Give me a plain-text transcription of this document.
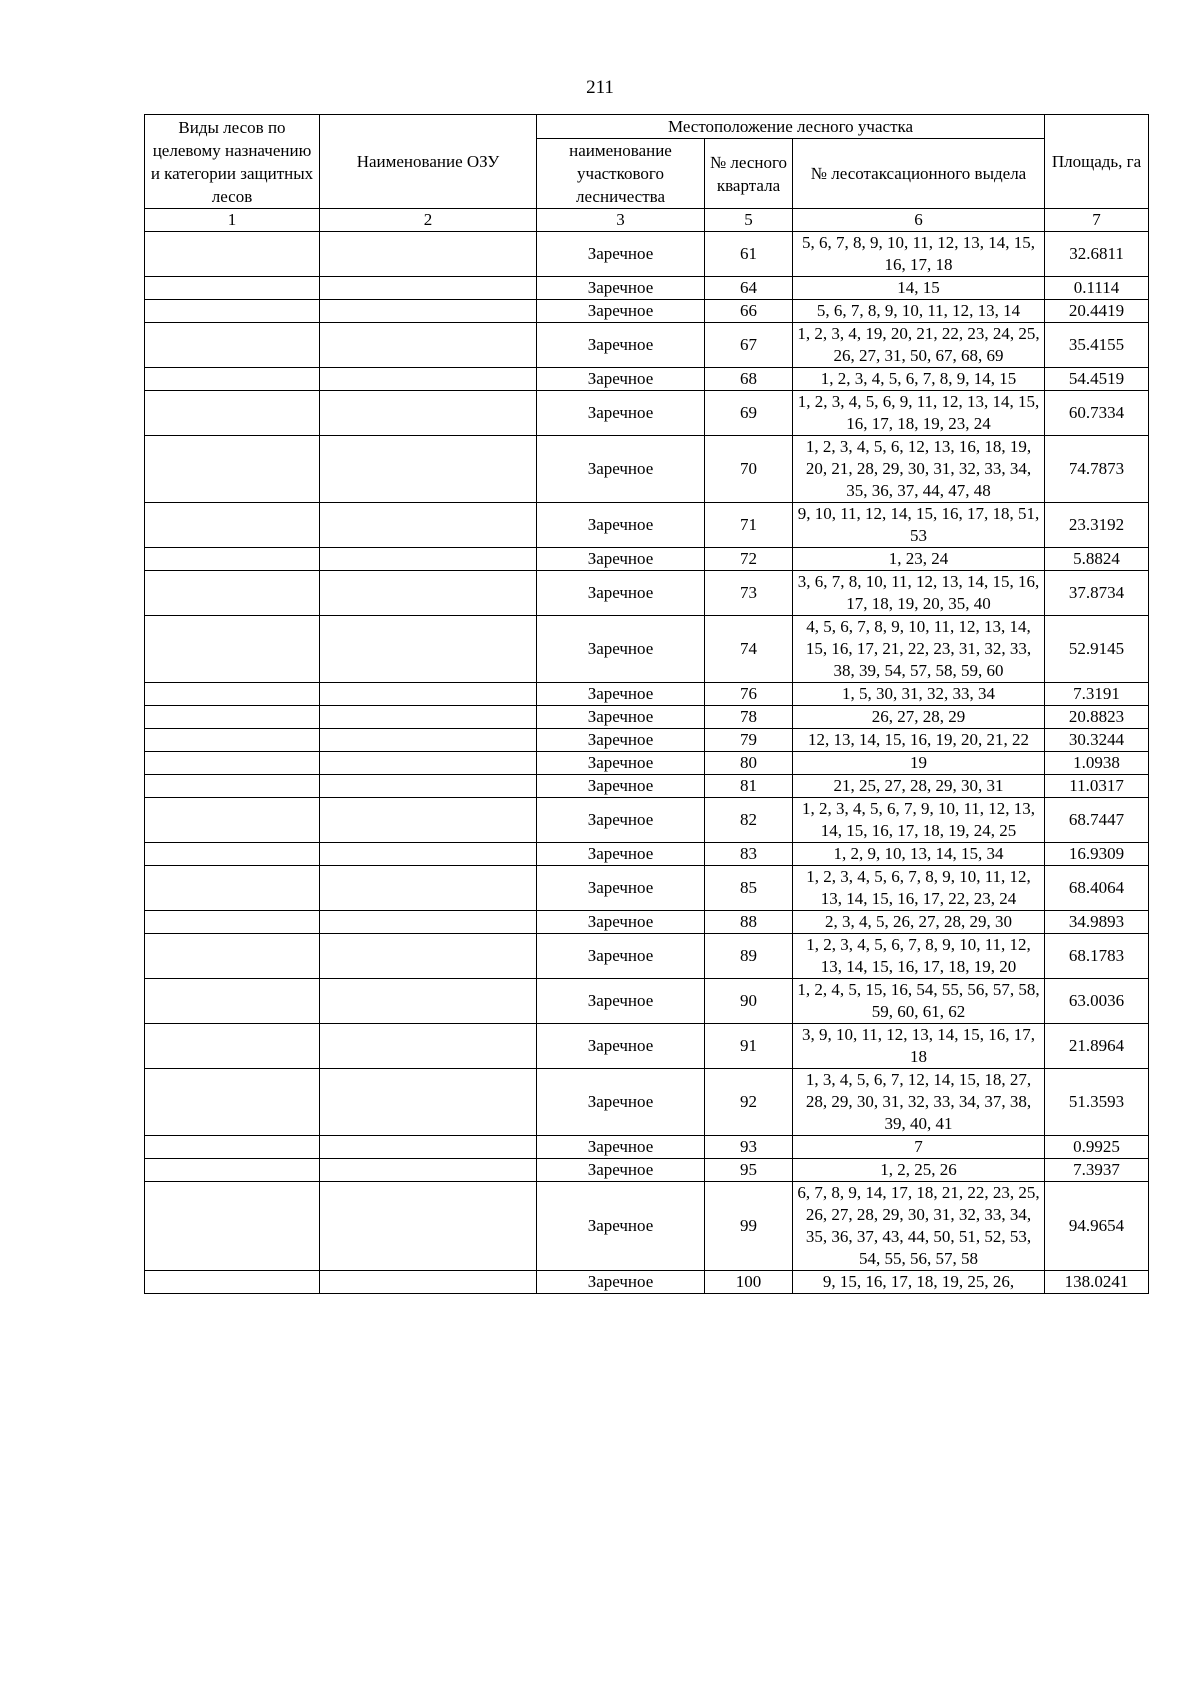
211
Виды лесов по целевому назначению и категории защитных лесов	Наименование ОЗУ	Местоположение лесного участка			Площадь, га
		наименование участкового лесничества	№ лесного квартала	№ лесотаксационного выдела	
1	2	3	5	6	7
		Заречное	61	5, 6, 7, 8, 9, 10, 11, 12, 13, 14, 15, 16, 17, 18	32.6811
		Заречное	64	14, 15	0.1114
		Заречное	66	5, 6, 7, 8, 9, 10, 11, 12, 13, 14	20.4419
		Заречное	67	1, 2, 3, 4, 19, 20, 21, 22, 23, 24, 25, 26, 27, 31, 50, 67, 68, 69	35.4155
		Заречное	68	1, 2, 3, 4, 5, 6, 7, 8, 9, 14, 15	54.4519
		Заречное	69	1, 2, 3, 4, 5, 6, 9, 11, 12, 13, 14, 15, 16, 17, 18, 19, 23, 24	60.7334
		Заречное	70	1, 2, 3, 4, 5, 6, 12, 13, 16, 18, 19, 20, 21, 28, 29, 30, 31, 32, 33, 34, 35, 36, 37, 44, 47, 48	74.7873
		Заречное	71	9, 10, 11, 12, 14, 15, 16, 17, 18, 51, 53	23.3192
		Заречное	72	1, 23, 24	5.8824
		Заречное	73	3, 6, 7, 8, 10, 11, 12, 13, 14, 15, 16, 17, 18, 19, 20, 35, 40	37.8734
		Заречное	74	4, 5, 6, 7, 8, 9, 10, 11, 12, 13, 14, 15, 16, 17, 21, 22, 23, 31, 32, 33, 38, 39, 54, 57, 58, 59, 60	52.9145
		Заречное	76	1, 5, 30, 31, 32, 33, 34	7.3191
		Заречное	78	26, 27, 28, 29	20.8823
		Заречное	79	12, 13, 14, 15, 16, 19, 20, 21, 22	30.3244
		Заречное	80	19	1.0938
		Заречное	81	21, 25, 27, 28, 29, 30, 31	11.0317
		Заречное	82	1, 2, 3, 4, 5, 6, 7, 9, 10, 11, 12, 13, 14, 15, 16, 17, 18, 19, 24, 25	68.7447
		Заречное	83	1, 2, 9, 10, 13, 14, 15, 34	16.9309
		Заречное	85	1, 2, 3, 4, 5, 6, 7, 8, 9, 10, 11, 12, 13, 14, 15, 16, 17, 22, 23, 24	68.4064
		Заречное	88	2, 3, 4, 5, 26, 27, 28, 29, 30	34.9893
		Заречное	89	1, 2, 3, 4, 5, 6, 7, 8, 9, 10, 11, 12, 13, 14, 15, 16, 17, 18, 19, 20	68.1783
		Заречное	90	1, 2, 4, 5, 15, 16, 54, 55, 56, 57, 58, 59, 60, 61, 62	63.0036
		Заречное	91	3, 9, 10, 11, 12, 13, 14, 15, 16, 17, 18	21.8964
		Заречное	92	1, 3, 4, 5, 6, 7, 12, 14, 15, 18, 27, 28, 29, 30, 31, 32, 33, 34, 37, 38, 39, 40, 41	51.3593
		Заречное	93	7	0.9925
		Заречное	95	1, 2, 25, 26	7.3937
		Заречное	99	6, 7, 8, 9, 14, 17, 18, 21, 22, 23, 25, 26, 27, 28, 29, 30, 31, 32, 33, 34, 35, 36, 37, 43, 44, 50, 51, 52, 53, 54, 55, 56, 57, 58	94.9654
		Заречное	100	9, 15, 16, 17, 18, 19, 25, 26,	138.0241
